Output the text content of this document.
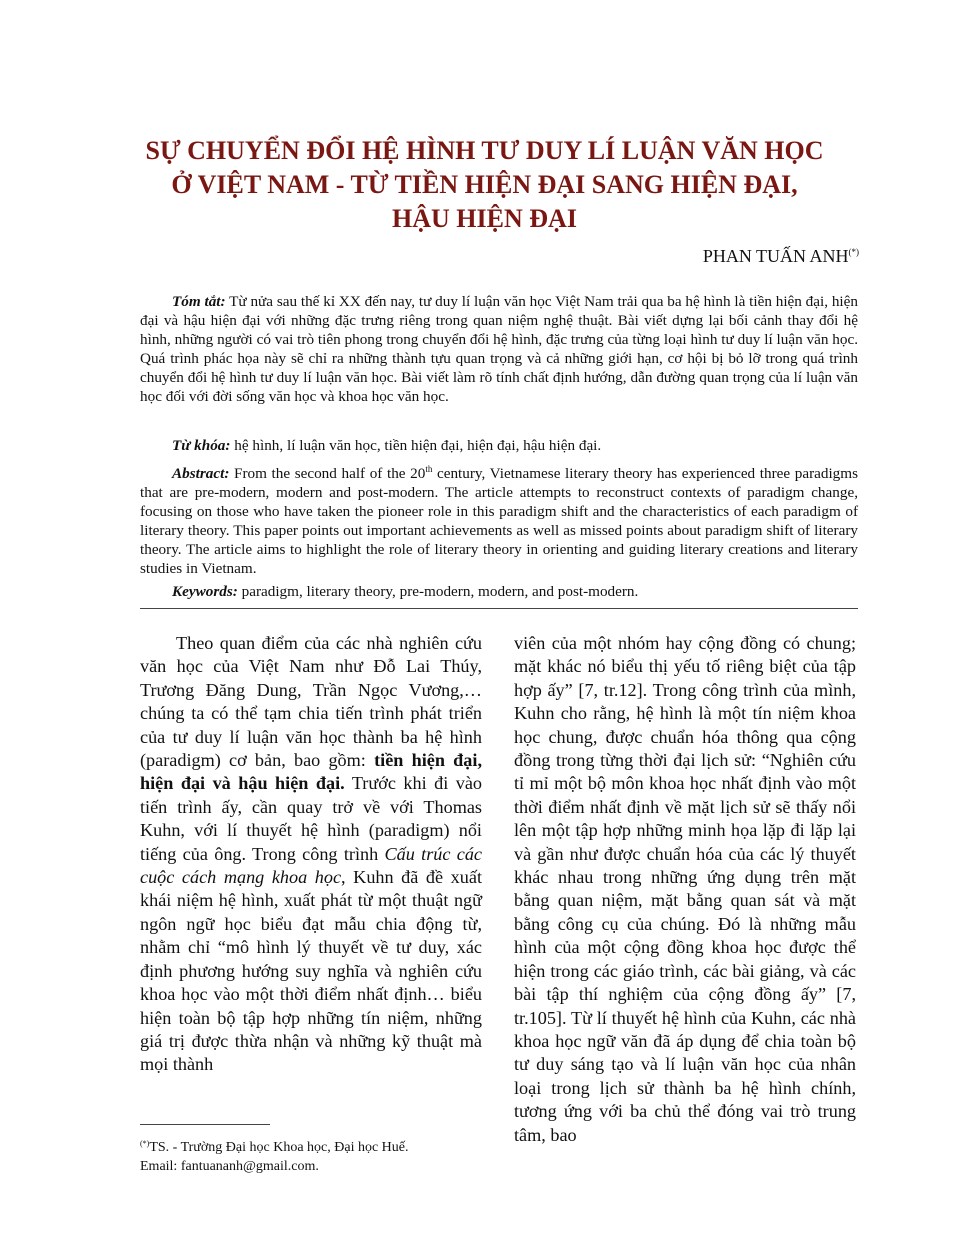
SỰ CHUYỂN ĐỔI HỆ HÌNH TƯ DUY LÍ LUẬN VĂN HỌC
Ở VIỆT NAM - TỪ TIỀN HIỆN ĐẠI SANG HIỆN ĐẠI,
HẬU HIỆN ĐẠI
PHAN TUẤN ANH(*)
Tóm tắt: Từ nửa sau thế kỉ XX đến nay, tư duy lí luận văn học Việt Nam trải qua ba hệ hình là tiền hiện đại, hiện đại và hậu hiện đại với những đặc trưng riêng trong quan niệm nghệ thuật. Bài viết dựng lại bối cảnh thay đổi hệ hình, những người có vai trò tiên phong trong chuyển đổi hệ hình, đặc trưng của từng loại hình tư duy lí luận văn học. Quá trình phác họa này sẽ chỉ ra những thành tựu quan trọng và cả những giới hạn, cơ hội bị bỏ lỡ trong quá trình chuyển đổi hệ hình tư duy lí luận văn học. Bài viết làm rõ tính chất định hướng, dẫn đường quan trọng của lí luận văn học đối với đời sống văn học và khoa học văn học.
Từ khóa: hệ hình, lí luận văn học, tiền hiện đại, hiện đại, hậu hiện đại.
Abstract: From the second half of the 20th century, Vietnamese literary theory has experienced three paradigms that are pre-modern, modern and post-modern. The article attempts to reconstruct contexts of paradigm change, focusing on those who have taken the pioneer role in this paradigm shift and the characteristics of each paradigm of literary theory. This paper points out important achievements as well as missed points about paradigm shift of literary theory. The article aims to highlight the role of literary theory in orienting and guiding literary creations and literary studies in Vietnam.
Keywords: paradigm, literary theory, pre-modern, modern, and post-modern.

Theo quan điểm của các nhà nghiên cứu văn học của Việt Nam như Đỗ Lai Thúy, Trương Đăng Dung, Trần Ngọc Vương,… chúng ta có thể tạm chia tiến trình phát triển của tư duy lí luận văn học thành ba hệ hình (paradigm) cơ bản, bao gồm: tiền hiện đại, hiện đại và hậu hiện đại. Trước khi đi vào tiến trình ấy, cần quay trở về với Thomas Kuhn, với lí thuyết hệ hình (paradigm) nổi tiếng của ông. Trong công trình Cấu trúc các cuộc cách mạng khoa học, Kuhn đã đề xuất khái niệm hệ hình, xuất phát từ một thuật ngữ ngôn ngữ học biểu đạt mẫu chia động từ, nhằm chỉ “mô hình lý thuyết về tư duy, xác định phương hướng suy nghĩa và nghiên cứu khoa học vào một thời điểm nhất định… biểu hiện toàn bộ tập hợp những tín niệm, những giá trị được thừa nhận và những kỹ thuật mà mọi thành

viên của một nhóm hay cộng đồng có chung; mặt khác nó biểu thị yếu tố riêng biệt của tập hợp ấy” [7, tr.12]. Trong công trình của mình, Kuhn cho rằng, hệ hình là một tín niệm khoa học chung, được chuẩn hóa thông qua cộng đồng trong từng thời đại lịch sử: “Nghiên cứu tỉ mỉ một bộ môn khoa học nhất định vào một thời điểm nhất định về mặt lịch sử sẽ thấy nổi lên một tập hợp những minh họa lặp đi lặp lại và gần như được chuẩn hóa của các lý thuyết khác nhau trong những ứng dụng trên mặt bằng quan niệm, mặt bằng quan sát và mặt bằng công cụ của chúng. Đó là những mẫu hình của một cộng đồng khoa học được thể hiện trong các giáo trình, các bài giảng, và các bài tập thí nghiệm của cộng đồng ấy” [7, tr.105]. Từ lí thuyết hệ hình của Kuhn, các nhà khoa học ngữ văn đã áp dụng để chia toàn bộ tư duy sáng tạo và lí luận văn học của nhân loại trong lịch sử thành ba hệ hình chính, tương ứng với ba chủ thể đóng vai trò trung tâm, bao

(*)TS. - Trường Đại học Khoa học, Đại học Huế.
Email: fantuananh@gmail.com.
